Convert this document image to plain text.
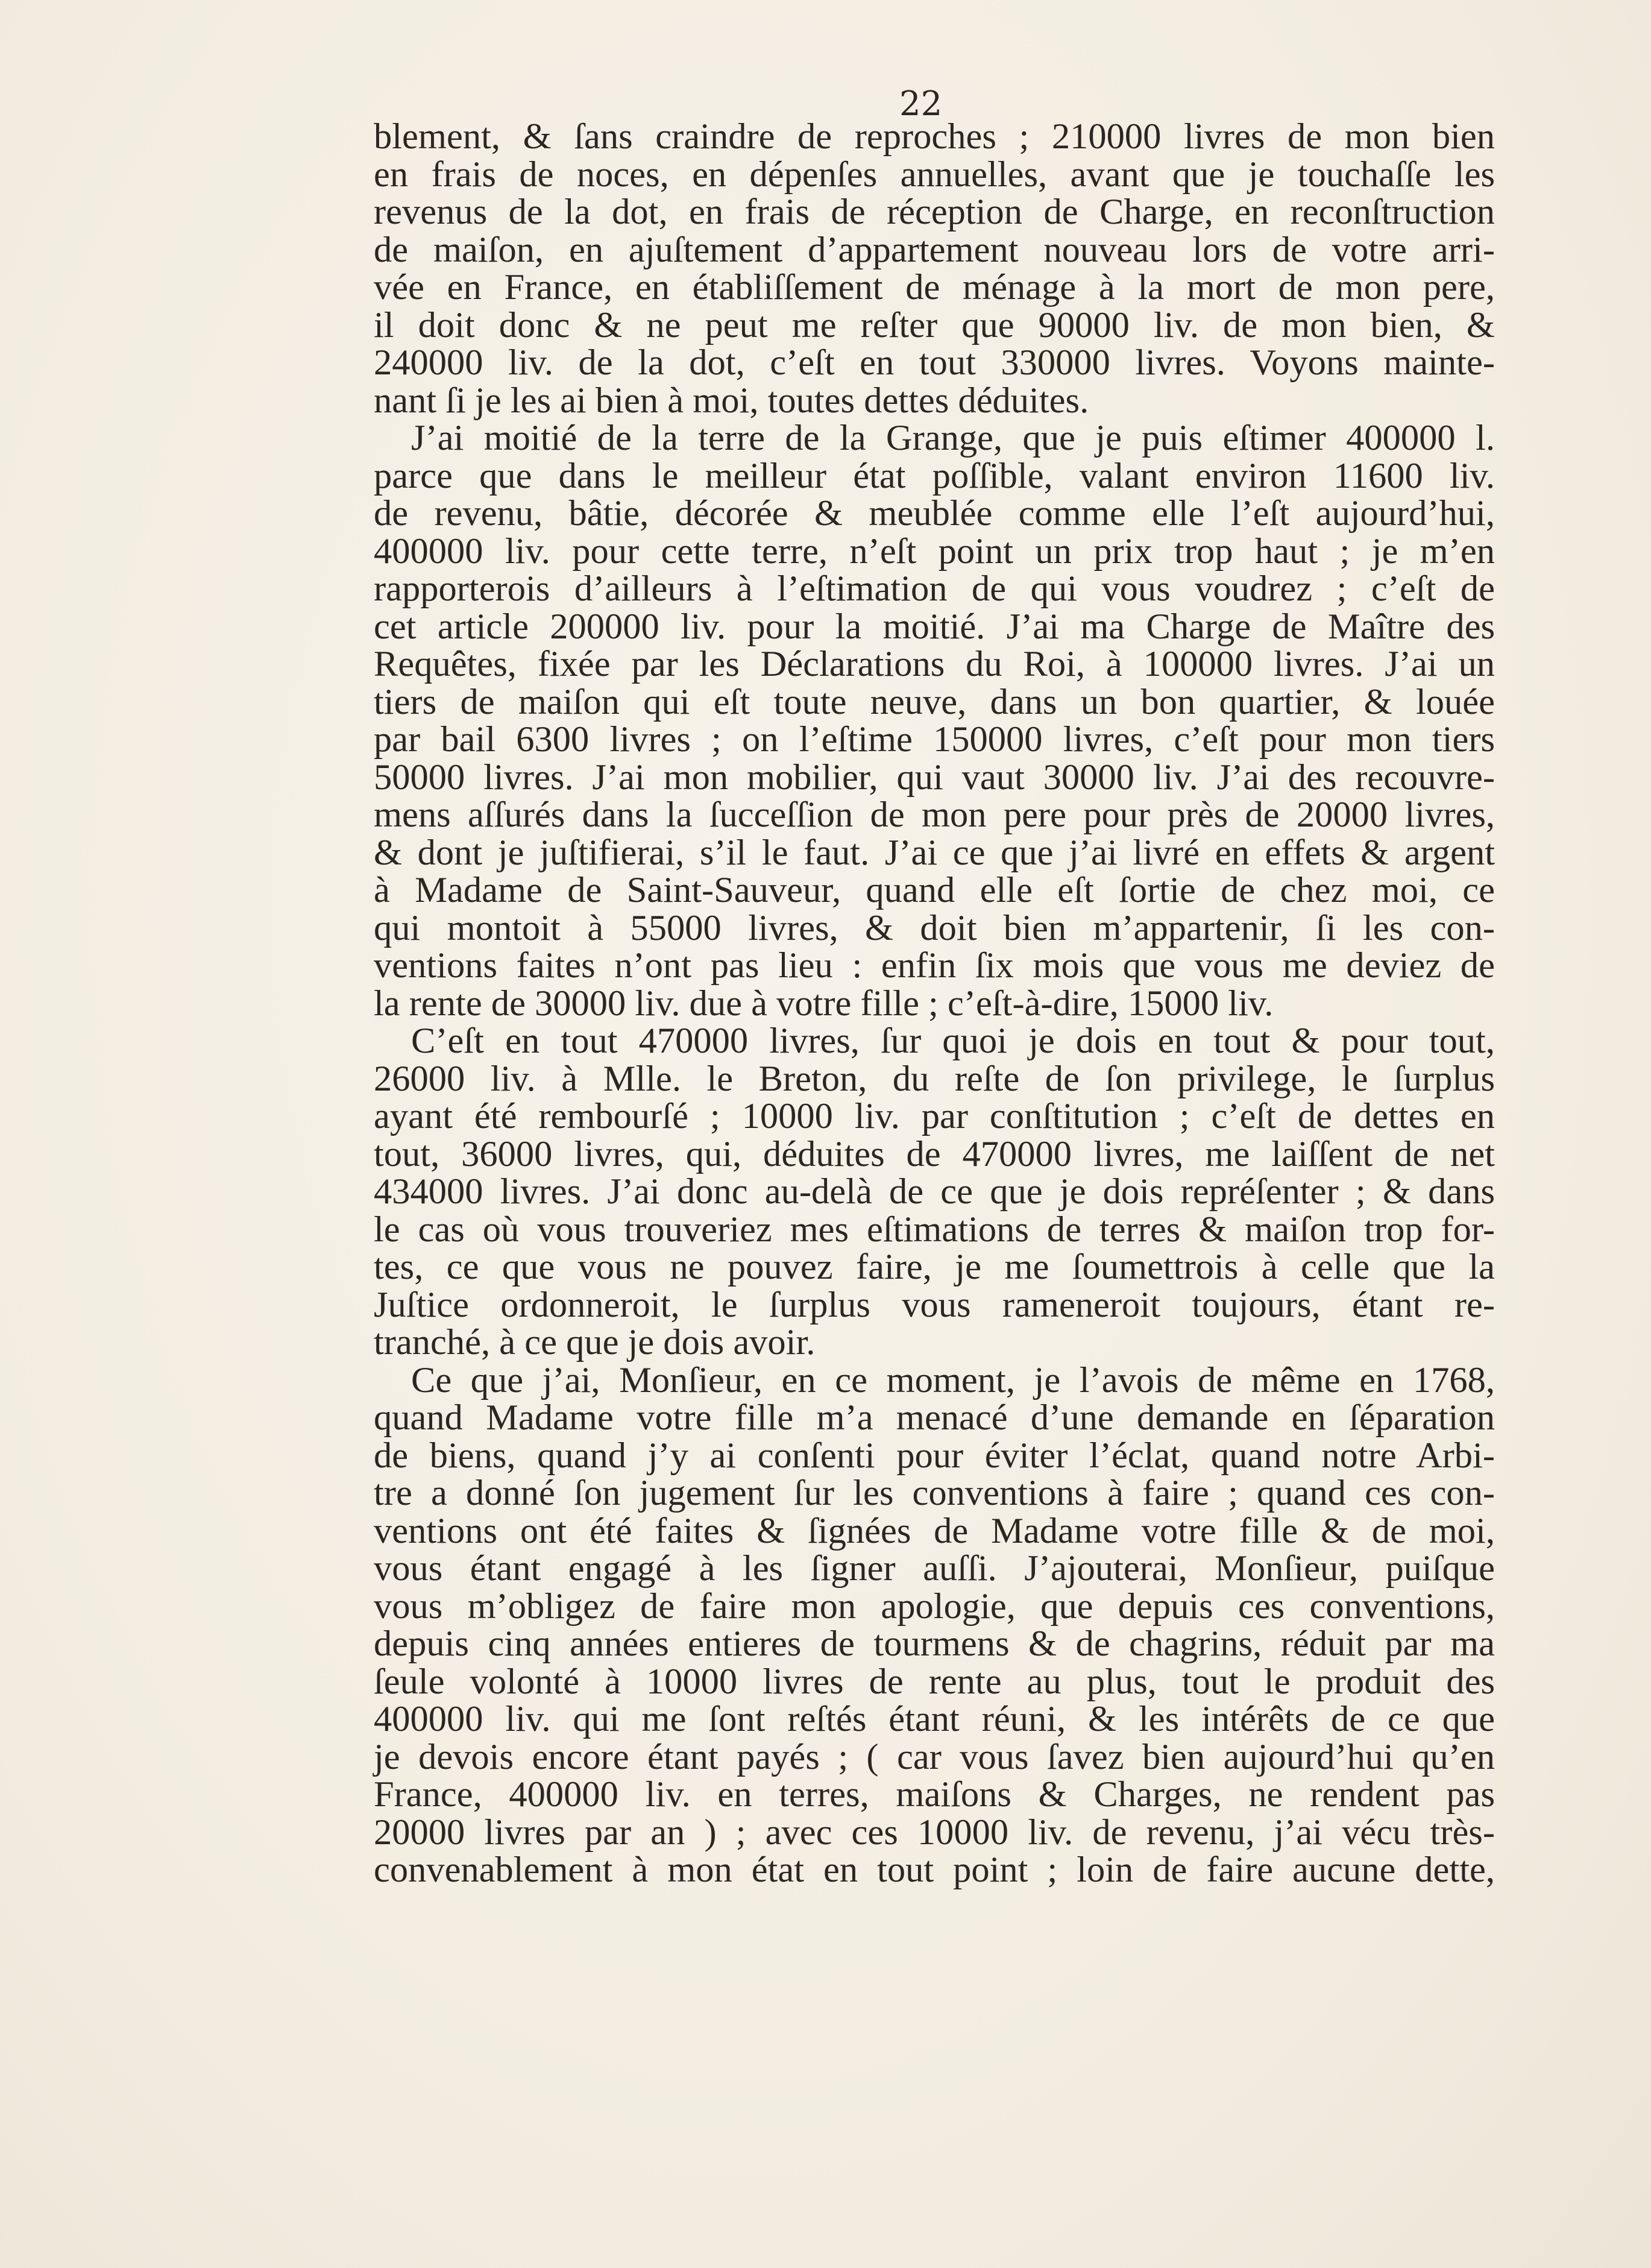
22
blement, & ſans craindre de reproches ; 210000 livres de mon bien
en frais de noces, en dépenſes annuelles, avant que je touchaſſe les
revenus de la dot, en frais de réception de Charge, en reconſtruction
de maiſon, en ajuſtement d’appartement nouveau lors de votre arri-
vée en France, en établiſſement de ménage à la mort de mon pere,
il doit donc & ne peut me reſter que 90000 liv. de mon bien, &
240000 liv. de la dot, c’eſt en tout 330000 livres. Voyons mainte-
nant ſi je les ai bien à moi, toutes dettes déduites.
J’ai moitié de la terre de la Grange, que je puis eſtimer 400000 l.
parce que dans le meilleur état poſſible, valant environ 11600 liv.
de revenu, bâtie, décorée & meublée comme elle l’eſt aujourd’hui,
400000 liv. pour cette terre, n’eſt point un prix trop haut ; je m’en
rapporterois d’ailleurs à l’eſtimation de qui vous voudrez ; c’eſt de
cet article 200000 liv. pour la moitié. J’ai ma Charge de Maître des
Requêtes, fixée par les Déclarations du Roi, à 100000 livres. J’ai un
tiers de maiſon qui eſt toute neuve, dans un bon quartier, & louée
par bail 6300 livres ; on l’eſtime 150000 livres, c’eſt pour mon tiers
50000 livres. J’ai mon mobilier, qui vaut 30000 liv. J’ai des recouvre-
mens aſſurés dans la ſucceſſion de mon pere pour près de 20000 livres,
& dont je juſtifierai, s’il le faut. J’ai ce que j’ai livré en effets & argent
à Madame de Saint-Sauveur, quand elle eſt ſortie de chez moi, ce
qui montoit à 55000 livres, & doit bien m’appartenir, ſi les con-
ventions faites n’ont pas lieu : enfin ſix mois que vous me deviez de
la rente de 30000 liv. due à votre fille ; c’eſt-à-dire, 15000 liv.
C’eſt en tout 470000 livres, ſur quoi je dois en tout & pour tout,
26000 liv. à Mlle. le Breton, du reſte de ſon privilege, le ſurplus
ayant été rembourſé ; 10000 liv. par conſtitution ; c’eſt de dettes en
tout, 36000 livres, qui, déduites de 470000 livres, me laiſſent de net
434000 livres. J’ai donc au-delà de ce que je dois repréſenter ; & dans
le cas où vous trouveriez mes eſtimations de terres & maiſon trop for-
tes, ce que vous ne pouvez faire, je me ſoumettrois à celle que la
Juſtice ordonneroit, le ſurplus vous rameneroit toujours, étant re-
tranché, à ce que je dois avoir.
Ce que j’ai, Monſieur, en ce moment, je l’avois de même en 1768,
quand Madame votre fille m’a menacé d’une demande en ſéparation
de biens, quand j’y ai conſenti pour éviter l’éclat, quand notre Arbi-
tre a donné ſon jugement ſur les conventions à faire ; quand ces con-
ventions ont été faites & ſignées de Madame votre fille & de moi,
vous étant engagé à les ſigner auſſi. J’ajouterai, Monſieur, puiſque
vous m’obligez de faire mon apologie, que depuis ces conventions,
depuis cinq années entieres de tourmens & de chagrins, réduit par ma
ſeule volonté à 10000 livres de rente au plus, tout le produit des
400000 liv. qui me ſont reſtés étant réuni, & les intérêts de ce que
je devois encore étant payés ; ( car vous ſavez bien aujourd’hui qu’en
France, 400000 liv. en terres, maiſons & Charges, ne rendent pas
20000 livres par an ) ; avec ces 10000 liv. de revenu, j’ai vécu très-
convenablement à mon état en tout point ; loin de faire aucune dette,
